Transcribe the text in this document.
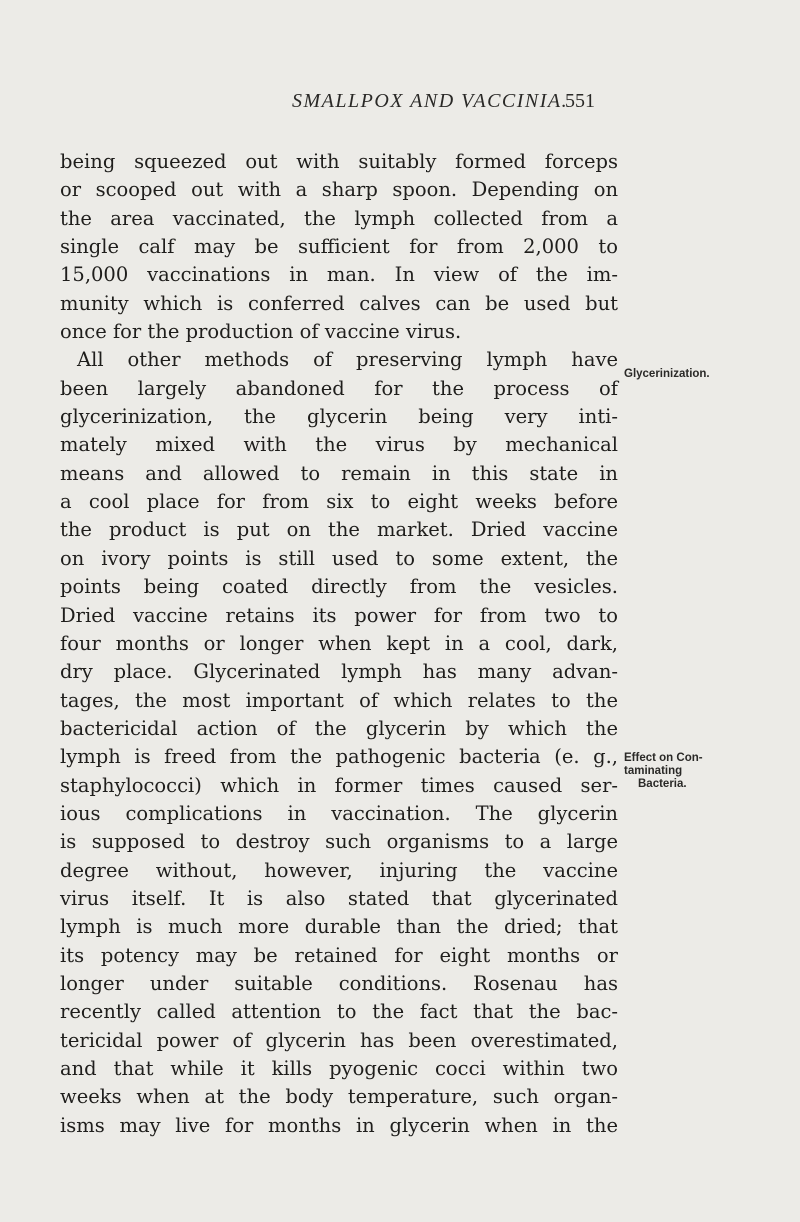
SMALLPOX AND VACCINIA.
551
being squeezed out with suitably formed forceps
or scooped out with a sharp spoon. Depending on
the area vaccinated, the lymph collected from a
single calf may be sufficient for from 2,000 to
15,000 vaccinations in man. In view of the im-
munity which is conferred calves can be used but
once for the production of vaccine virus.
All other methods of preserving lymph have
been largely abandoned for the process of
glycerinization, the glycerin being very inti-
mately mixed with the virus by mechanical
means and allowed to remain in this state in
a cool place for from six to eight weeks before
the product is put on the market. Dried vaccine
on ivory points is still used to some extent, the
points being coated directly from the vesicles.
Dried vaccine retains its power for from two to
four months or longer when kept in a cool, dark,
dry place. Glycerinated lymph has many advan-
tages, the most important of which relates to the
bactericidal action of the glycerin by which the
lymph is freed from the pathogenic bacteria (e. g.,
staphylococci) which in former times caused ser-
ious complications in vaccination. The glycerin
is supposed to destroy such organisms to a large
degree without, however, injuring the vaccine
virus itself. It is also stated that glycerinated
lymph is much more durable than the dried; that
its potency may be retained for eight months or
longer under suitable conditions. Rosenau has
recently called attention to the fact that the bac-
tericidal power of glycerin has been overestimated,
and that while it kills pyogenic cocci within two
weeks when at the body temperature, such organ-
isms may live for months in glycerin when in the
Glycerinization.
Effect on Con-
taminating
Bacteria.
